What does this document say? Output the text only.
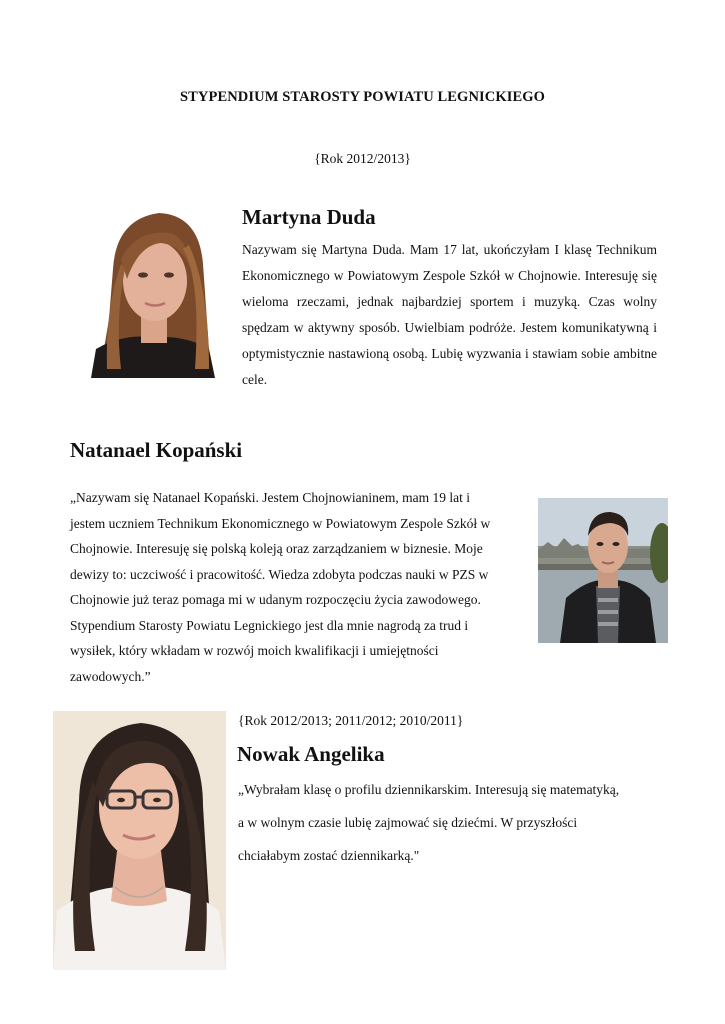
STYPENDIUM STAROSTY POWIATU LEGNICKIEGO
{Rok 2012/2013}
Martyna Duda
Nazywam się Martyna Duda. Mam 17 lat, ukończyłam I klasę Technikum Ekonomicznego w Powiatowym Zespole Szkół w Chojnowie. Interesuję się wieloma rzeczami, jednak najbardziej sportem i muzyką. Czas wolny spędzam w aktywny sposób. Uwielbiam podróże. Jestem komunikatywną i optymistycznie nastawioną osobą. Lubię wyzwania i stawiam sobie ambitne cele.
Natanael Kopański
„Nazywam się Natanael Kopański. Jestem Chojnowianinem, mam 19 lat i
jestem uczniem Technikum Ekonomicznego w Powiatowym Zespole Szkół w
Chojnowie. Interesuję się polską koleją oraz zarządzaniem w biznesie. Moje
dewizy to: uczciwość i pracowitość. Wiedza zdobyta podczas nauki w PZS w
Chojnowie już teraz pomaga mi w udanym rozpoczęciu życia zawodowego.
Stypendium Starosty Powiatu Legnickiego jest dla mnie nagrodą za trud i
wysiłek, który wkładam w rozwój moich kwalifikacji i umiejętności
zawodowych.”
{Rok 2012/2013; 2011/2012; 2010/2011}
Nowak Angelika
„Wybrałam klasę o profilu dziennikarskim. Interesują się matematyką,
a w wolnym czasie lubię zajmować się dziećmi. W przyszłości
chciałabym zostać dziennikarką."
